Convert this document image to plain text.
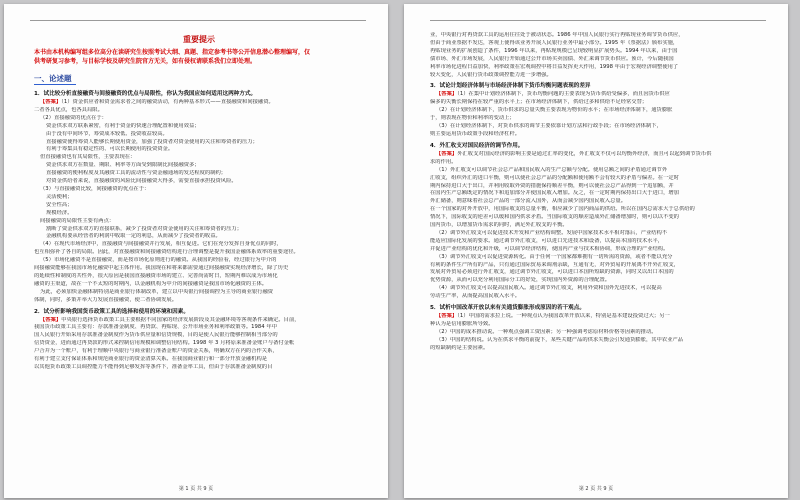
重要提示
本书由本机构编写组多位高分在读研究生按照考试大纲、真题、指定参考书等公开信息潜心整理编写，仅
供考研复习参考，与目标学校及研究生院官方无关，如有侵权请联系我们立即处理。
一、论述题
1．试比较分析直接融资与间接融资的优点与局限性，你认为我国应如何适用这两种方式。
【答案】（1）资金供应者和资金需求者之间的融资活动，有两种基本形式——直接融资和间接融资。
二者各具优点，也各具局限。
（2）直接融资的优点在于：
资金供求双方联系紧密，有利于资金的快速合理配置和使用效益；
由于没有中间环节，筹资成本较低、投资收益较高。
直接融资使得筹资人能够长期使用资金，加强了投资者对资金使用的关注和筹资者的压力；
有利于筹集具有稳定性的、可以长期使用的投资资金。
但直接融资也有其局限性，主要表现在：
资金供求双方在数量、期限、利率等方面受到限制比间接融资多；
直接融资的便利程度及其融资工具的流动性与资金融通场的发达程度的制约；
对资金供给者来说，直接融资的风险比间接融资大得多，需要直接承担投资风险。
（3）与直接融资比较，间接融资的优点在于：
灵活便利；
安全性高；
规模经济。
间接融资的局限性主要有两点：
割断了资金供求双方的直接联系，减少了投资者对资金使用的关注和筹资者的压力；
金融机构要从经营者的利润中收取一定的利息，从而减少了投资者的收益。
（4）在现代市场经济中，直接融资与间接融资并行发展，相互促进。它们在充分发挥自身优点的同时，
也互相弥补了各自的局限。因此，对直接融资和间接融资结构进行合理调整是提升我国金融体系效率的重要途径。
（5）市场化融资不是直接融资，而是按市场化原则进行的融资。从我国的经验看，经过银行为中介的
间接融资能够在我国市场化融资中起主体作用。我国现在和将来都需要通过间接融资实现经济增长，除了历史
的延续性和制度的共性外，很大原因是我国直接融资市场的建立、完善尚需时日，短期内难以成为市场化
融资的主渠道，故在一个不太短的时期内，以金融机构为中介的间接融资是我国市场化融资的主体。
为此，必须加快金融体制特别是商业银行体制改革，建立以中央银行间接调控为主导的商业银行融资
体制，同时，多策并举大力发展直接融资，使二者协调发展。
2．试分析影响我国货币政策工具的选择和使用的环境和因素。
【答案】中央银行选择货币政策工具主要根据不同国家的经济发展阶段及其金融环境等客观条件来确定。目前，
我国货币政策工具主要有：存款准备金制度、再贷款、再贴现、公开市场业务和利率政策等。1984 年中
国人民银行开始采用存款准备金制度作为货币供应量和信贷规模，目的是使人民银行能够控制相当部分的
信贷资金，进而通过再贷款的形式来控制信用规模和调整信用结构。1998 年 3 月将原来准备金账户与备付金帐
户合并为一个账户，有利于理顺中央银行与商业银行准备金账户的资金关系，明确双方在内的合作关系，
有利于建立支付保证体系和规范商业银行的资金清算关系。在我国商业银行和一部分开放金融机构是
以其他货币政策工具调控能力不能得到足够发挥等条件下，准备金率工具，但由于存款准备金制度的目
第 1 页 共 9 页
业，中央银行对再贷款工具的运用往往处于被动状态。1986 年中国人民银行实行再贴现业务调节货币供应，
但由于商业票据不发达，客观上使得该业务开展人民银行业务中最小部分。1995 年《票据法》颁布实施，
再贴现业务的扩展创造了条件，1996 年以来，再贴现规模已呈现较明显扩展势头。1994 年以来，由于国
债市场、外汇市场发展，人民银行开始通过公开市场买卖国债、外汇来调节货币供应。预计，今后随我国
利率市场化进程日益加快，利率政策在宏观调控中将日益发挥更大作用，1998 年由于宏观经济调整使用了
较大变化，人民银行货币政策调控能力进一步增强。
3．试论计划经济体制与市场经济体制下货币均衡问题表现的差异
【答案】（1）在集中计划经济体制下，货币均衡问题的主要表现为货币供给受偏多，而且因货币供应
偏多的失衡长期保持在较严重的水平上；在市场经济体制下，供给过多和供给不足经常交替；
（2）在计划经济体制下，货币供求的总量失衡主要表现为物价的水平；在市场经济体制下，通货膨胀
于，则表现在物价和利率的变动上；
（3）在计划经济体制下，对货币供求的调节主要依靠计划方法和行政手段；在市场经济体制下，
则主要运用货币政策手段和经济杠杆。
4．外汇收支对国民经济的调节作用。
【答案】外汇收支对国民经济的影响主要是通过汇率的变化，外汇收支不仅可以均衡外经济，而且可以起到调节货币供
求的作用。
（1）外汇收支可以调节社会总产品和国民收入的生产总额与分配。使用总额之间的矛盾通过调节外
汇收支，组织外汇的进口平衡，则可以使社会总产品的分配额和使用额不会有较大的矛盾与偏差。在一定时
期内保持进口大于出口，并利用收取外资的措施保持顺差平衡，则可以使社会总产品得到一个追加额，并
在国内生产总额既定的情况下和追加部分并使国民收入增加。反之，在一定时期内保持出口大于进口，增加
外汇储备，则意味着社会总产品的一部分流入国外，从而会减少国内国民收入总量。
在一个国家的对外开放中，用国际收支的总量平衡，相应减少了国内商品的供给。所以在国内总需求大于总供给的
情况下，国际收支的逆差可以缓和国内供求矛盾。当国际收支的顺差造成外汇储备增加时，则可以以不变的
国内货币，以增加货币需求的同时，满足外汇收支的平衡。
（2）调节外汇收支可以促进技术开发和产业结构调整。发展中国家技术水平相对落后，产业结构不
能适应国际化发展的要求。通过调节外汇收支，可以进口先进技术和设备，以提高本国的技术水平，
并促进产业结构的优化和升级，可以调节经济结构，使国内产业与技术相协调，形成合理的产业结构。
（3）调节外汇收支可以促进资源转化。由于任何一个国家都难拥有一切所需的资源，或者不能以充分
有利的条件生产所有的产品，只有通过国际贸易来调剂余缺，互通有无，对外贸易的开展离不开外汇收支，
发展对外贸易必须进行外汇收支，通过调节外汇收支，可以进口本国所短缺的资源，同时又以出口本国的
优势资源，从而可以充分利用国际分工的好处，实现国内外资源的合理配置。
（4）调节外汇收支可以提高国民收入。通过调节外汇收支，利用外资和国外先进技术，可以提高
劳动生产率，从而提高国民收入水平。
5．试析中国改革开放以来有关通货膨胀形成原因的若干观点。
【答案】（1）中国的需求拉上说。一种观点认为我国改革开放以来，特别是基本建设投资过大；另一
种认为是信用膨胀所导致。
（2）中国的成本推动说。一种观点强调工资因素；另一种强调考虑原材料价格等因素的推动。
（3）中国的结构说。认为在供求平衡的前提下，某些关键产品的供求失衡会引发通货膨胀，其中农业产品
的短缺制约是主要因素。
第 2 页 共 9 页
